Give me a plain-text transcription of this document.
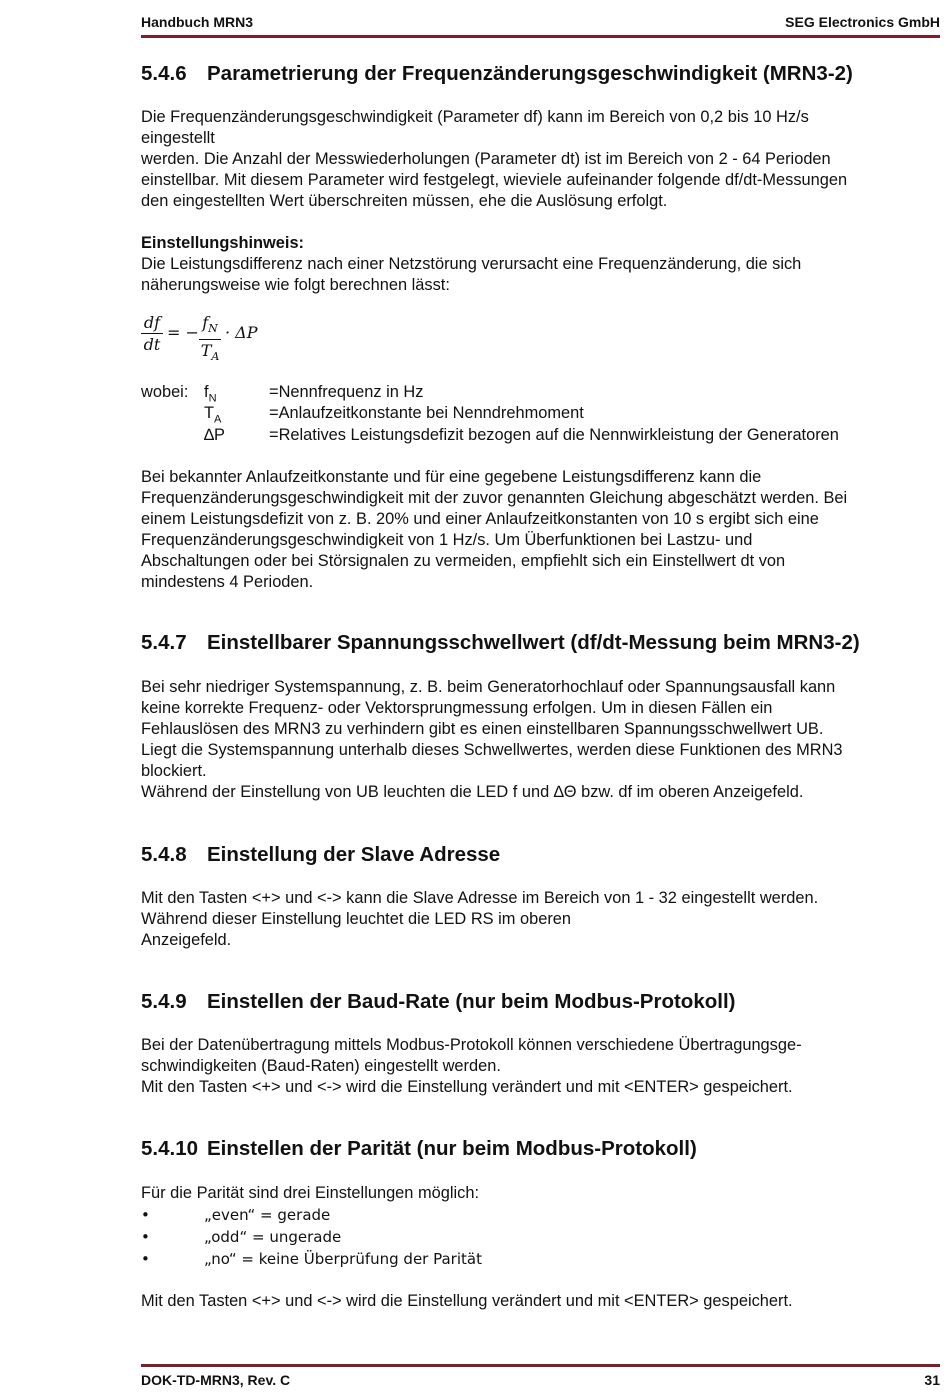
Handbuch MRN3	SEG Electronics GmbH
5.4.6 Parametrierung der Frequenzänderungsgeschwindigkeit (MRN3-2)

Die Frequenzänderungsgeschwindigkeit (Parameter df) kann im Bereich von 0,2 bis 10 Hz/s

eingestellt

werden. Die Anzahl der Messwiederholungen (Parameter dt) ist im Bereich von 2 - 64 Perioden

einstellbar. Mit diesem Parameter wird festgelegt, wieviele aufeinander folgende df/dt-Messungen

den eingestellten Wert überschreiten müssen, ehe die Auslösung erfolgt.

Einstellungshinweis:

Die Leistungsdifferenz nach einer Netzstörung verursacht eine Frequenzänderung, die sich

näherungsweise wie folgt berechnen lässt:

$\frac{df}{dt}$ = − $\frac{f_N}{T_A} \cdot \Delta P$
wobei: $f_N$	=Nennfrequenz in Hz
$T_A$	=Anlaufzeitkonstante bei Nenndrehmoment
∆P	=Relatives Leistungsdefizit bezogen auf die Nennwirkleistung der Generatoren

Bei bekannter Anlaufzeitkonstante und für eine gegebene Leistungsdifferenz kann die

Frequenzänderungsgeschwindigkeit mit der zuvor genannten Gleichung abgeschätzt werden. Bei

einem Leistungsdefizit von z. B. 20% und einer Anlaufzeitkonstanten von 10 s ergibt sich eine

Frequenzänderungsgeschwindigkeit von 1 Hz/s. Um Überfunktionen bei Lastzu- und

Abschaltungen oder bei Störsignalen zu vermeiden, empfiehlt sich ein Einstellwert dt von

mindestens 4 Perioden.

5.4.7 Einstellbarer Spannungsschwellwert (df/dt-Messung beim MRN3-2)

Bei sehr niedriger Systemspannung, z. B. beim Generatorhochlauf oder Spannungsausfall kann

keine korrekte Frequenz- oder Vektorsprungmessung erfolgen. Um in diesen Fällen ein

Fehlauslösen des MRN3 zu verhindern gibt es einen einstellbaren Spannungsschwellwert UB.

Liegt die Systemspannung unterhalb dieses Schwellwertes, werden diese Funktionen des MRN3

blockiert.

Während der Einstellung von UB leuchten die LED f und ∆Θ bzw. df im oberen Anzeigefeld.

5.4.8 Einstellung der Slave Adresse

Mit den Tasten <+> und <-> kann die Slave Adresse im Bereich von 1 - 32 eingestellt werden.

Während dieser Einstellung leuchtet die LED RS im oberen

Anzeigefeld.

5.4.9 Einstellen der Baud-Rate (nur beim Modbus-Protokoll)

Bei der Datenübertragung mittels Modbus-Protokoll können verschiedene Übertragungsge-

schwindigkeiten (Baud-Raten) eingestellt werden.

Mit den Tasten <+> und <-> wird die Einstellung verändert und mit <ENTER> gespeichert.

5.4.10 Einstellen der Parität (nur beim Modbus-Protokoll)

Für die Parität sind drei Einstellungen möglich:

•	„even“ = gerade
•	„odd“ = ungerade
•	„no“ = keine Überprüfung der Parität

Mit den Tasten <+> und <-> wird die Einstellung verändert und mit <ENTER> gespeichert.

DOK-TD-MRN3, Rev. C	31
